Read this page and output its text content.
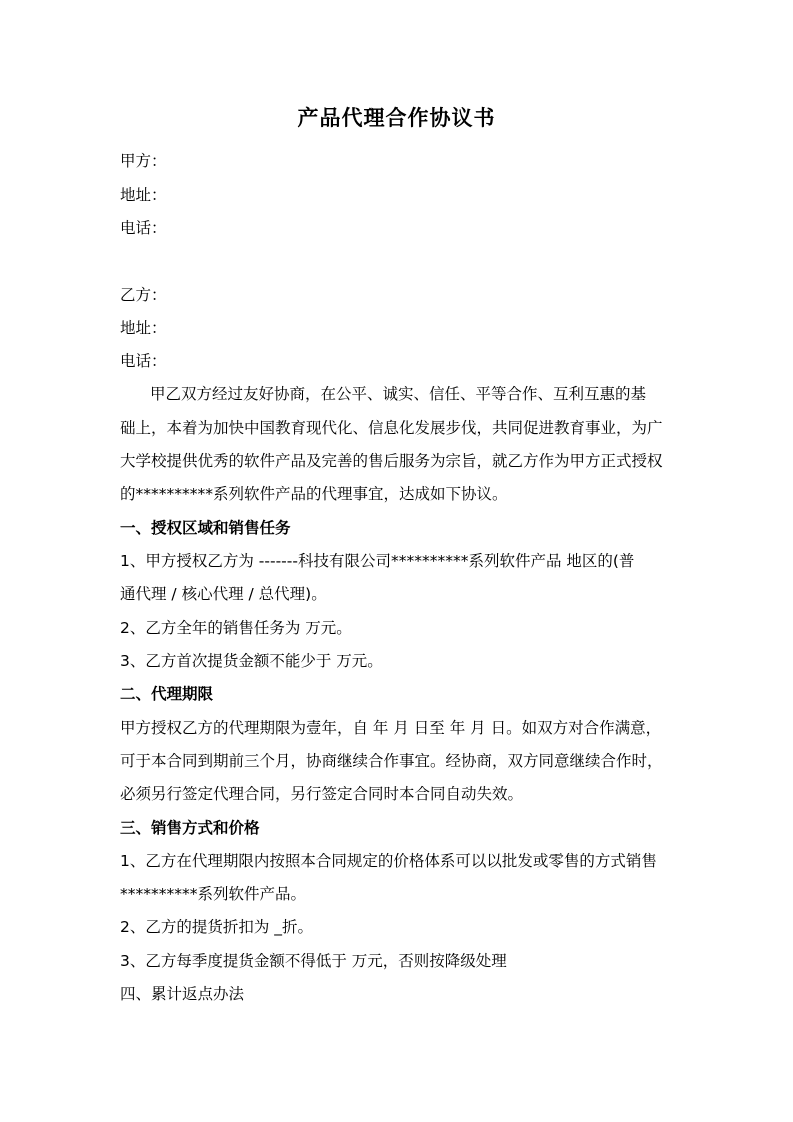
产品代理合作协议书
甲方：
地址：
电话：
乙方：
地址：
电话：
甲乙双方经过友好协商，在公平、诚实、信任、平等合作、互利互惠的基
础上，本着为加快中国教育现代化、信息化发展步伐，共同促进教育事业，为广
大学校提供优秀的软件产品及完善的售后服务为宗旨，就乙方作为甲方正式授权
的**********系列软件产品的代理事宜，达成如下协议。
一、授权区域和销售任务
1、甲方授权乙方为 -------科技有限公司**********系列软件产品 地区的(普
通代理 / 核心代理 / 总代理)。
2、乙方全年的销售任务为 万元。
3、乙方首次提货金额不能少于 万元。
二、代理期限
甲方授权乙方的代理期限为壹年，自 年 月 日至 年 月 日。如双方对合作满意，
可于本合同到期前三个月，协商继续合作事宜。经协商，双方同意继续合作时，
必须另行签定代理合同，另行签定合同时本合同自动失效。
三、销售方式和价格
1、乙方在代理期限内按照本合同规定的价格体系可以以批发或零售的方式销售
**********系列软件产品。
2、乙方的提货折扣为 _折。
3、乙方每季度提货金额不得低于 万元，否则按降级处理
四、累计返点办法
